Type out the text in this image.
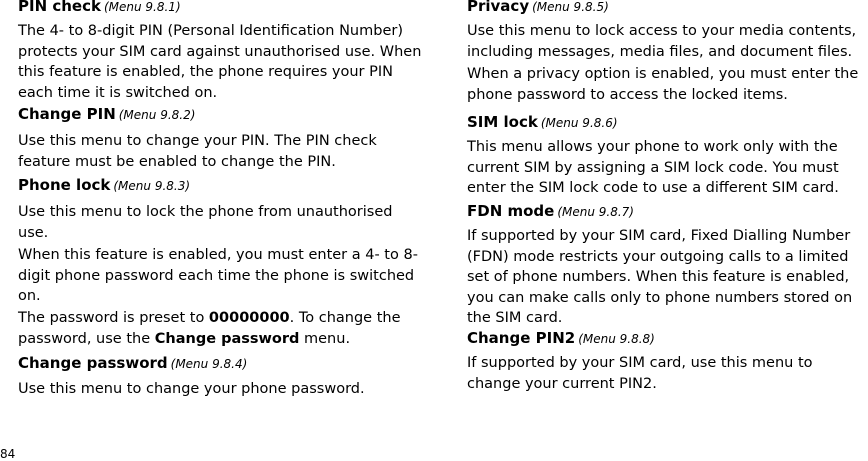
PIN check (Menu 9.8.1)

The 4- to 8-digit PIN (Personal Identification Number) protects your SIM card against unauthorised use. When this feature is enabled, the phone requires your PIN each time it is switched on.

Change PIN (Menu 9.8.2)

Use this menu to change your PIN. The PIN check feature must be enabled to change the PIN.

Phone lock (Menu 9.8.3)

Use this menu to lock the phone from unauthorised use.

When this feature is enabled, you must enter a 4- to 8-digit phone password each time the phone is switched on.

The password is preset to 00000000. To change the password, use the Change password menu.

Change password (Menu 9.8.4)

Use this menu to change your phone password.

Privacy (Menu 9.8.5)

Use this menu to lock access to your media contents, including messages, media files, and document files.

When a privacy option is enabled, you must enter the phone password to access the locked items.

SIM lock (Menu 9.8.6)

This menu allows your phone to work only with the current SIM by assigning a SIM lock code. You must enter the SIM lock code to use a different SIM card.

FDN mode (Menu 9.8.7)

If supported by your SIM card, Fixed Dialling Number (FDN) mode restricts your outgoing calls to a limited set of phone numbers. When this feature is enabled, you can make calls only to phone numbers stored on the SIM card.

Change PIN2 (Menu 9.8.8)

If supported by your SIM card, use this menu to change your current PIN2.

84
